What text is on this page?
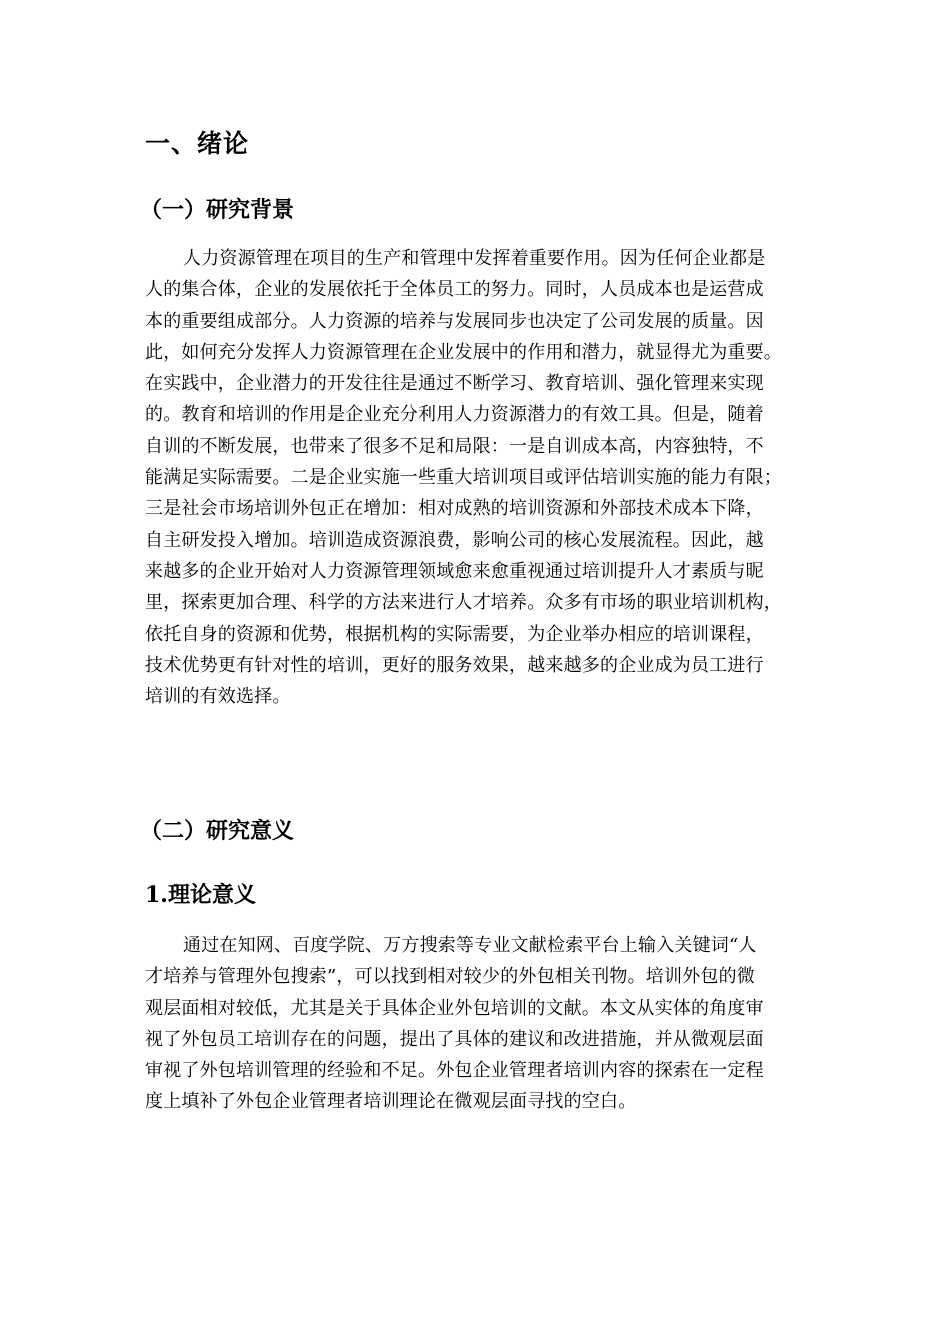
一、绪论
（一）研究背景
人力资源管理在项目的生产和管理中发挥着重要作用。因为任何企业都是
人的集合体，企业的发展依托于全体员工的努力。同时，人员成本也是运营成
本的重要组成部分。人力资源的培养与发展同步也决定了公司发展的质量。因
此，如何充分发挥人力资源管理在企业发展中的作用和潜力，就显得尤为重要。
在实践中，企业潜力的开发往往是通过不断学习、教育培训、强化管理来实现
的。教育和培训的作用是企业充分利用人力资源潜力的有效工具。但是，随着
自训的不断发展，也带来了很多不足和局限：一是自训成本高，内容独特，不
能满足实际需要。二是企业实施一些重大培训项目或评估培训实施的能力有限；
三是社会市场培训外包正在增加：相对成熟的培训资源和外部技术成本下降，
自主研发投入增加。培训造成资源浪费，影响公司的核心发展流程。因此，越
来越多的企业开始对人力资源管理领域愈来愈重视通过培训提升人才素质与昵
里，探索更加合理、科学的方法来进行人才培养。众多有市场的职业培训机构，
依托自身的资源和优势，根据机构的实际需要，为企业举办相应的培训课程，
技术优势更有针对性的培训，更好的服务效果，越来越多的企业成为员工进行
培训的有效选择。
（二）研究意义
1.理论意义
通过在知网、百度学院、万方搜索等专业文献检索平台上输入关键词“人
才培养与管理外包搜索”，可以找到相对较少的外包相关刊物。培训外包的微
观层面相对较低，尤其是关于具体企业外包培训的文献。本文从实体的角度审
视了外包员工培训存在的问题，提出了具体的建议和改进措施，并从微观层面
审视了外包培训管理的经验和不足。外包企业管理者培训内容的探索在一定程
度上填补了外包企业管理者培训理论在微观层面寻找的空白。
